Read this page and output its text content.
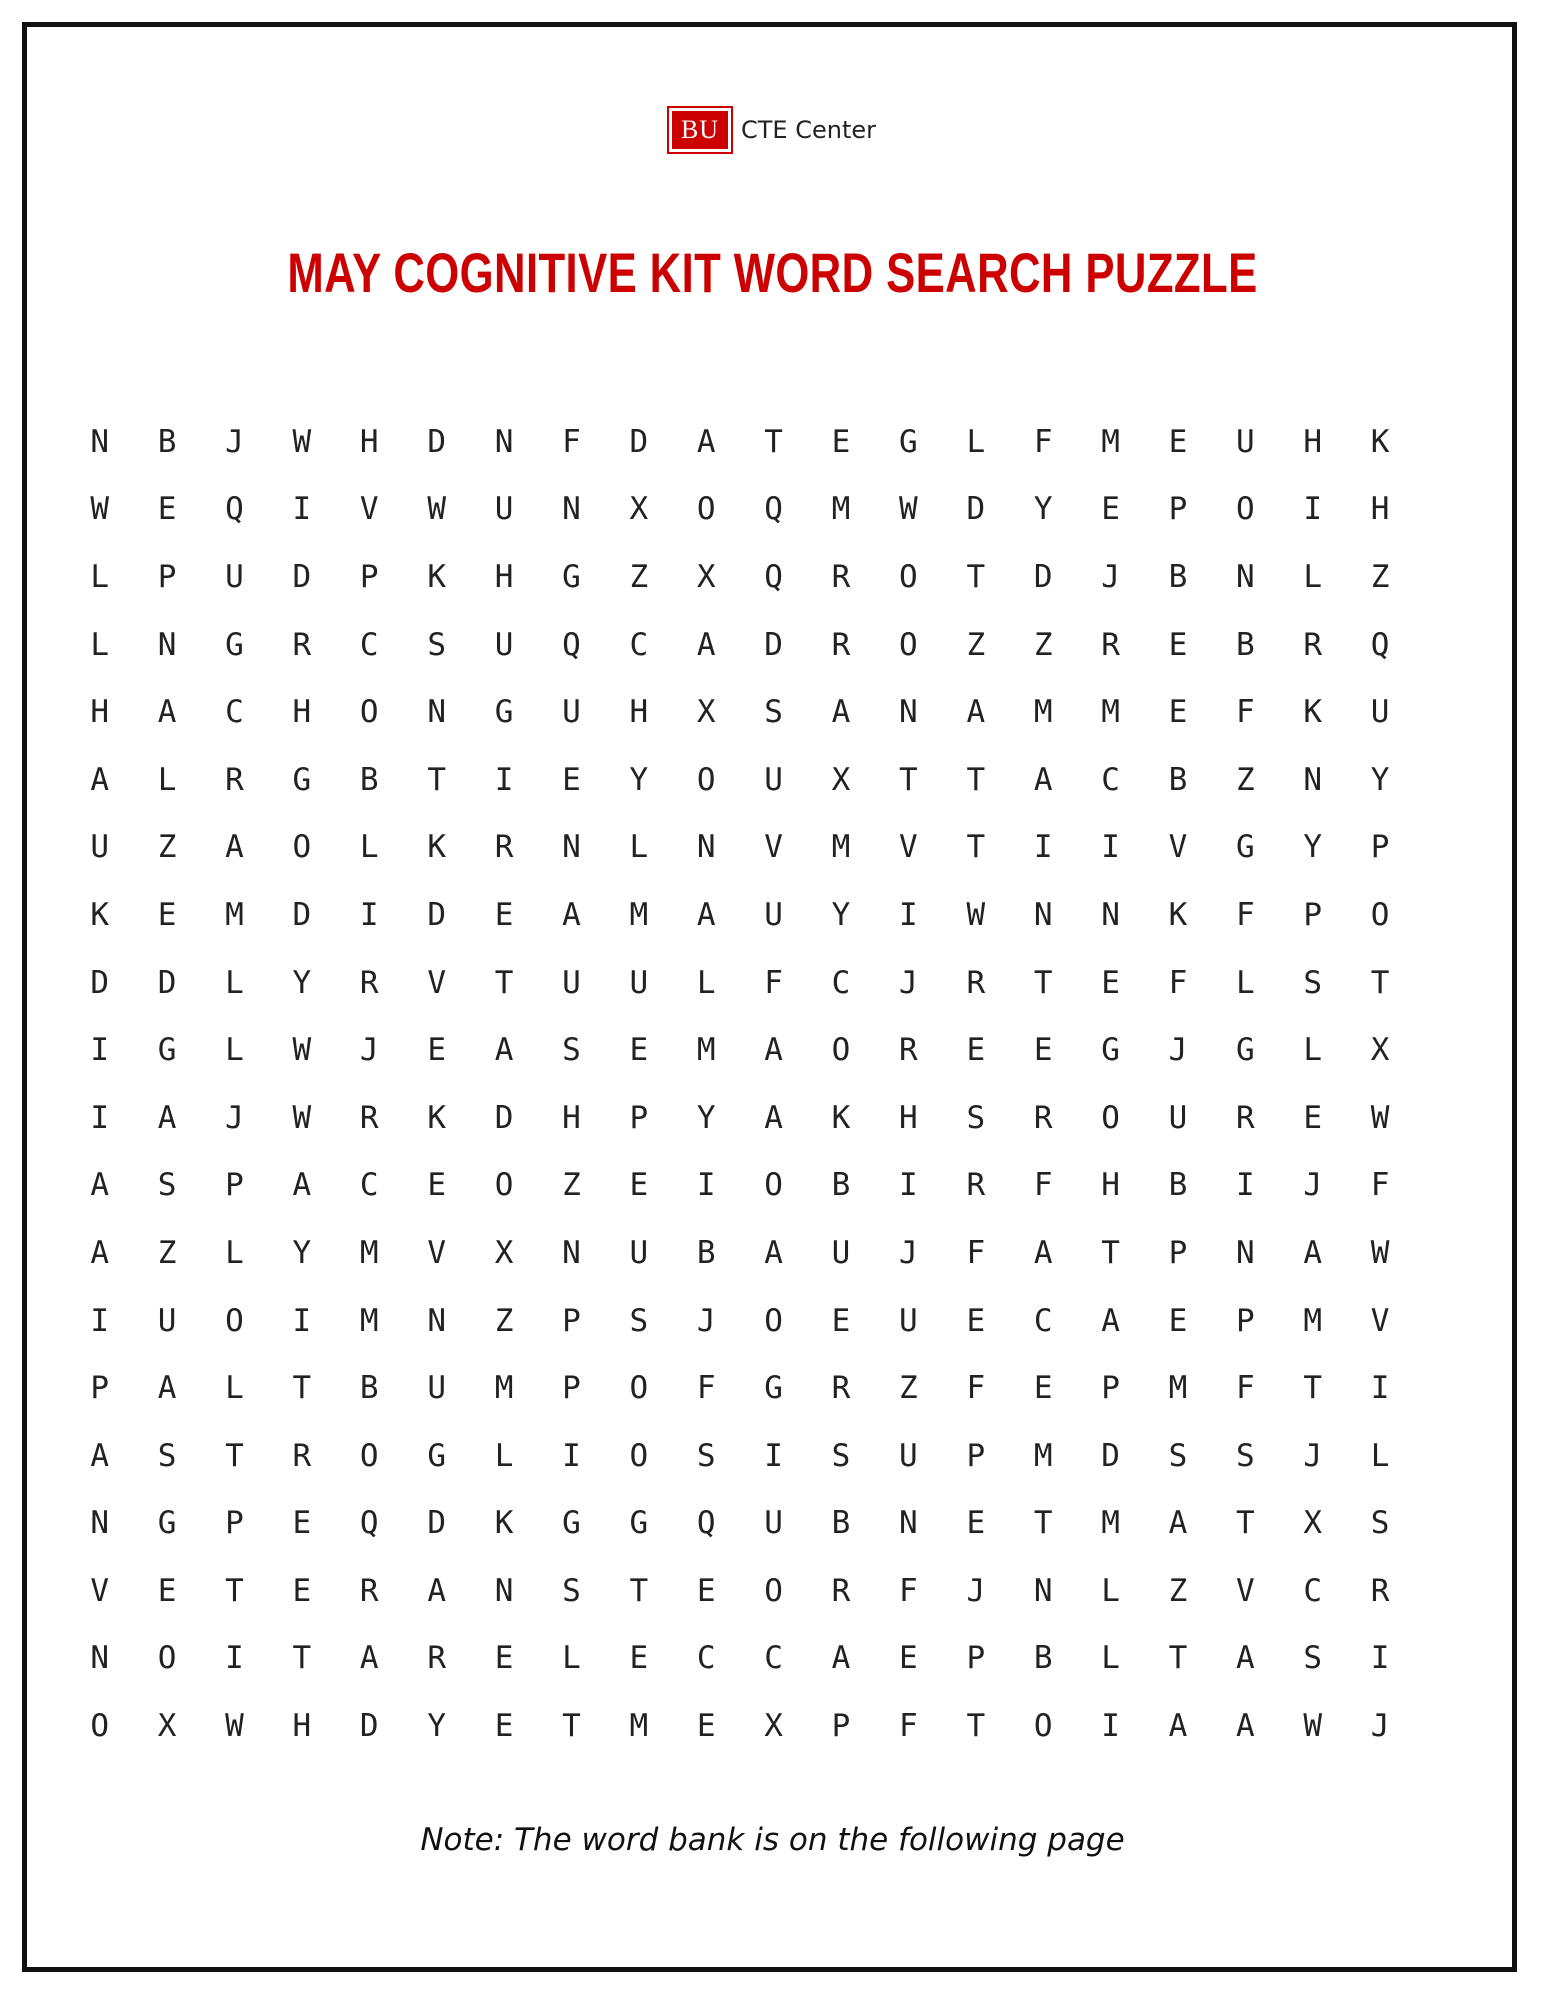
BU CTE Center
MAY COGNITIVE KIT WORD SEARCH PUZZLE
N	B	J	W	H	D	N	F	D	A	T	E	G	L	F	M	E	U	H	K
W	E	Q	I	V	W	U	N	X	O	Q	M	W	D	Y	E	P	O	I	H
L	P	U	D	P	K	H	G	Z	X	Q	R	O	T	D	J	B	N	L	Z
L	N	G	R	C	S	U	Q	C	A	D	R	O	Z	Z	R	E	B	R	Q
H	A	C	H	O	N	G	U	H	X	S	A	N	A	M	M	E	F	K	U
A	L	R	G	B	T	I	E	Y	O	U	X	T	T	A	C	B	Z	N	Y
U	Z	A	O	L	K	R	N	L	N	V	M	V	T	I	I	V	G	Y	P
K	E	M	D	I	D	E	A	M	A	U	Y	I	W	N	N	K	F	P	O
D	D	L	Y	R	V	T	U	U	L	F	C	J	R	T	E	F	L	S	T
I	G	L	W	J	E	A	S	E	M	A	O	R	E	E	G	J	G	L	X
I	A	J	W	R	K	D	H	P	Y	A	K	H	S	R	O	U	R	E	W
A	S	P	A	C	E	O	Z	E	I	O	B	I	R	F	H	B	I	J	F
A	Z	L	Y	M	V	X	N	U	B	A	U	J	F	A	T	P	N	A	W
I	U	O	I	M	N	Z	P	S	J	O	E	U	E	C	A	E	P	M	V
P	A	L	T	B	U	M	P	O	F	G	R	Z	F	E	P	M	F	T	I
A	S	T	R	O	G	L	I	O	S	I	S	U	P	M	D	S	S	J	L
N	G	P	E	Q	D	K	G	G	Q	U	B	N	E	T	M	A	T	X	S
V	E	T	E	R	A	N	S	T	E	O	R	F	J	N	L	Z	V	C	R
N	O	I	T	A	R	E	L	E	C	C	A	E	P	B	L	T	A	S	I
O	X	W	H	D	Y	E	T	M	E	X	P	F	T	O	I	A	A	W	J
Note: The word bank is on the following page
